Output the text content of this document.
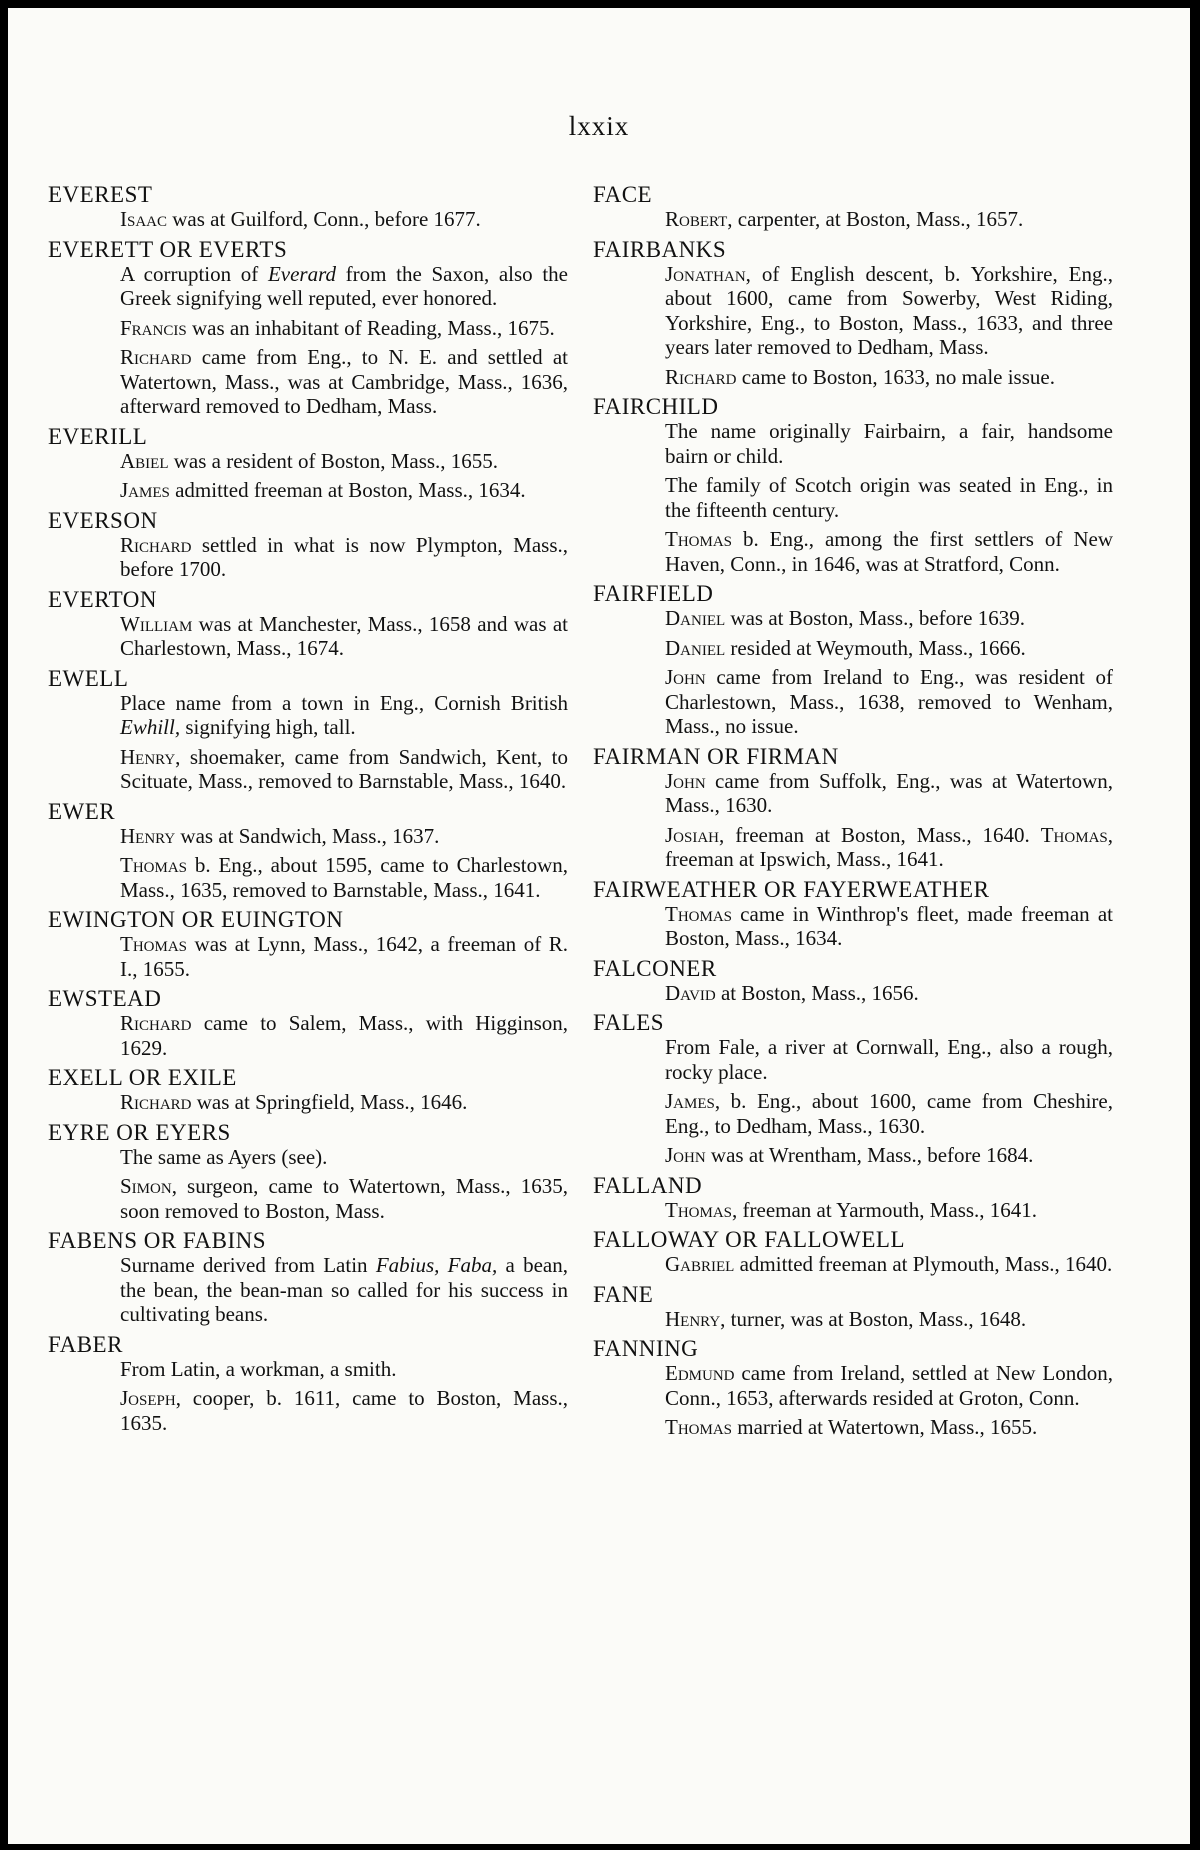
lxxix
EVEREST

Isaac was at Guilford, Conn., before 1677.

EVERETT OR EVERTS

A corruption of Everard from the Saxon, also the Greek signifying well reputed, ever honored.

Francis was an inhabitant of Reading, Mass., 1675.

Richard came from Eng., to N. E. and settled at Watertown, Mass., was at Cambridge, Mass., 1636, afterward removed to Dedham, Mass.

EVERILL

Abiel was a resident of Boston, Mass., 1655.

James admitted freeman at Boston, Mass., 1634.

EVERSON

Richard settled in what is now Plympton, Mass., before 1700.

EVERTON

William was at Manchester, Mass., 1658 and was at Charlestown, Mass., 1674.

EWELL

Place name from a town in Eng., Cornish British Ewhill, signifying high, tall.

Henry, shoemaker, came from Sandwich, Kent, to Scituate, Mass., removed to Barnstable, Mass., 1640.

EWER

Henry was at Sandwich, Mass., 1637.

Thomas b. Eng., about 1595, came to Charlestown, Mass., 1635, removed to Barnstable, Mass., 1641.

EWINGTON OR EUINGTON

Thomas was at Lynn, Mass., 1642, a freeman of R. I., 1655.

EWSTEAD

Richard came to Salem, Mass., with Higginson, 1629.

EXELL OR EXILE

Richard was at Springfield, Mass., 1646.

EYRE OR EYERS

The same as Ayers (see).

Simon, surgeon, came to Watertown, Mass., 1635, soon removed to Boston, Mass.

FABENS OR FABINS

Surname derived from Latin Fabius, Faba, a bean, the bean, the bean-man so called for his success in cultivating beans.

FABER

From Latin, a workman, a smith.

Joseph, cooper, b. 1611, came to Boston, Mass., 1635.

FACE

Robert, carpenter, at Boston, Mass., 1657.

FAIRBANKS

Jonathan, of English descent, b. Yorkshire, Eng., about 1600, came from Sowerby, West Riding, Yorkshire, Eng., to Boston, Mass., 1633, and three years later removed to Dedham, Mass.

Richard came to Boston, 1633, no male issue.

FAIRCHILD

The name originally Fairbairn, a fair, handsome bairn or child.

The family of Scotch origin was seated in Eng., in the fifteenth century.

Thomas b. Eng., among the first settlers of New Haven, Conn., in 1646, was at Stratford, Conn.

FAIRFIELD

Daniel was at Boston, Mass., before 1639.

Daniel resided at Weymouth, Mass., 1666.

John came from Ireland to Eng., was resident of Charlestown, Mass., 1638, removed to Wenham, Mass., no issue.

FAIRMAN OR FIRMAN

John came from Suffolk, Eng., was at Watertown, Mass., 1630.

Josiah, freeman at Boston, Mass., 1640. Thomas, freeman at Ipswich, Mass., 1641.

FAIRWEATHER OR FAYERWEATHER

Thomas came in Winthrop's fleet, made freeman at Boston, Mass., 1634.

FALCONER

David at Boston, Mass., 1656.

FALES

From Fale, a river at Cornwall, Eng., also a rough, rocky place.

James, b. Eng., about 1600, came from Cheshire, Eng., to Dedham, Mass., 1630.

John was at Wrentham, Mass., before 1684.

FALLAND

Thomas, freeman at Yarmouth, Mass., 1641.

FALLOWAY OR FALLOWELL

Gabriel admitted freeman at Plymouth, Mass., 1640.

FANE

Henry, turner, was at Boston, Mass., 1648.

FANNING

Edmund came from Ireland, settled at New London, Conn., 1653, afterwards resided at Groton, Conn.

Thomas married at Watertown, Mass., 1655.
